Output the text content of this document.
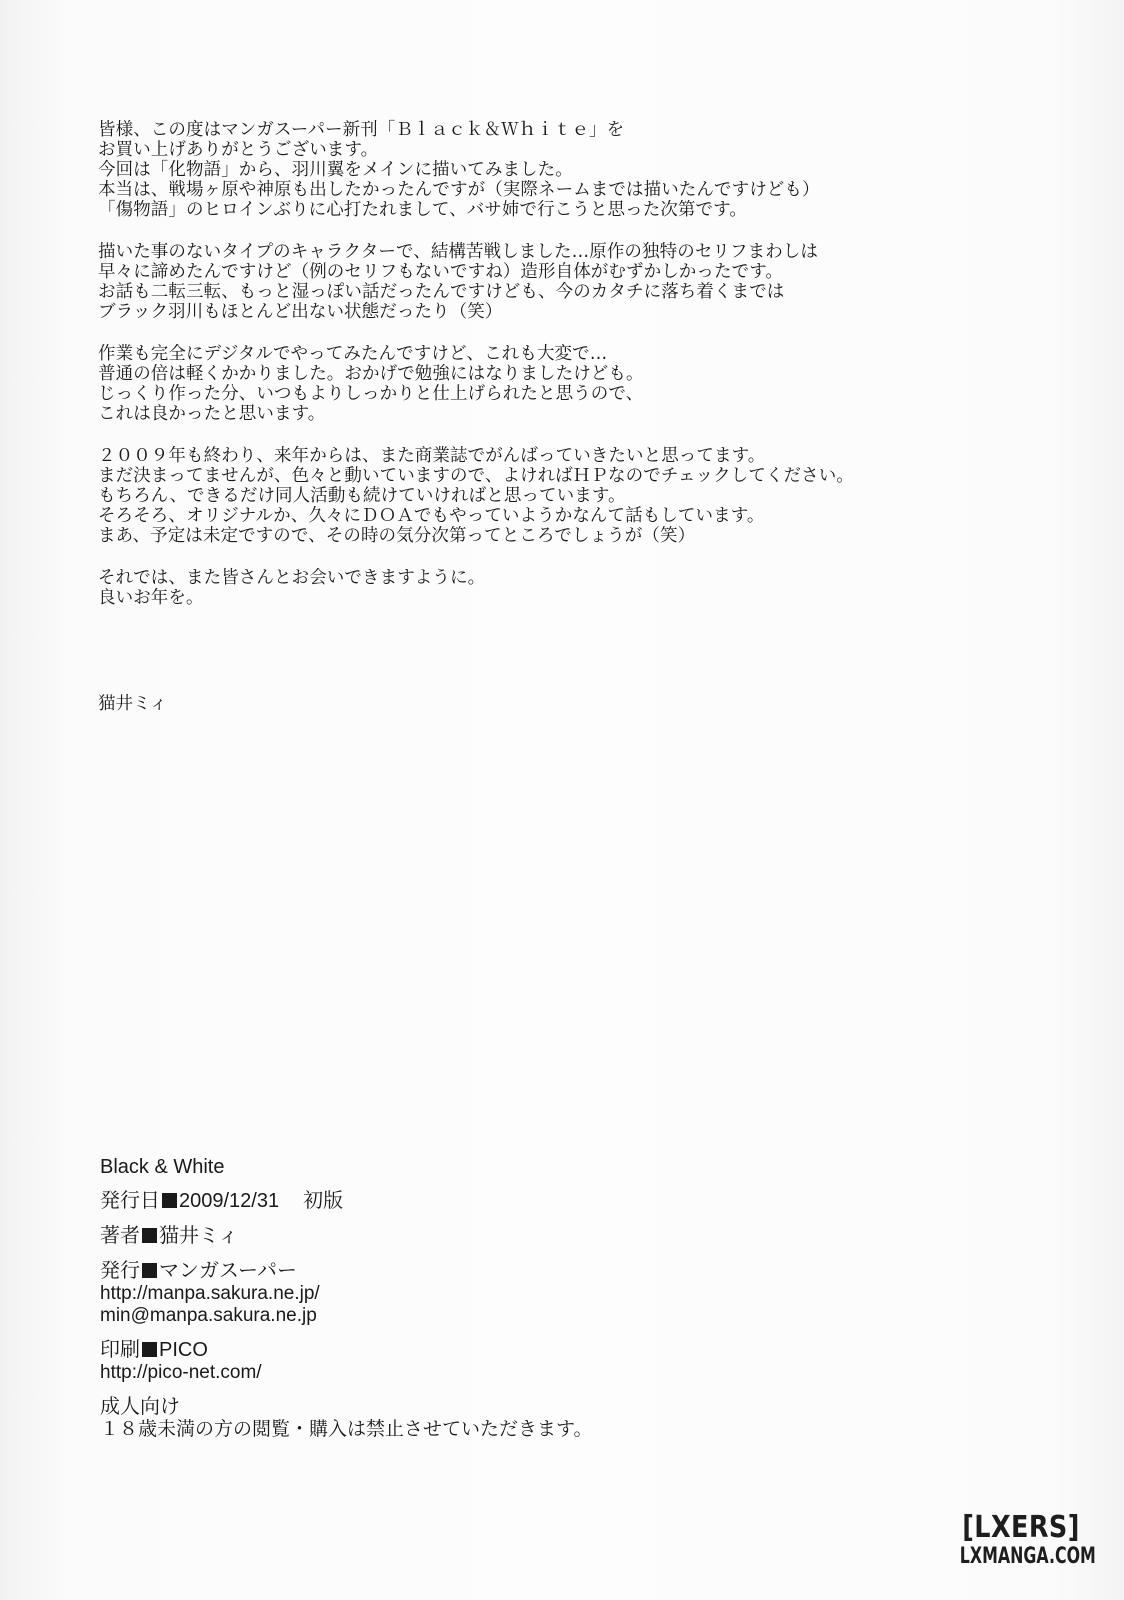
皆様、この度はマンガスーパー新刊「Ｂｌａｃｋ＆Ｗｈｉｔｅ」を
お買い上げありがとうございます。
今回は「化物語」から、羽川翼をメインに描いてみました。
本当は、戦場ヶ原や神原も出したかったんですが（実際ネームまでは描いたんですけども）
「傷物語」のヒロインぶりに心打たれまして、バサ姉で行こうと思った次第です。
描いた事のないタイプのキャラクターで、結構苦戦しました…原作の独特のセリフまわしは
早々に諦めたんですけど（例のセリフもないですね）造形自体がむずかしかったです。
お話も二転三転、もっと湿っぽい話だったんですけども、今のカタチに落ち着くまでは
ブラック羽川もほとんど出ない状態だったり（笑）
作業も完全にデジタルでやってみたんですけど、これも大変で…
普通の倍は軽くかかりました。おかげで勉強にはなりましたけども。
じっくり作った分、いつもよりしっかりと仕上げられたと思うので、
これは良かったと思います。
２００９年も終わり、来年からは、また商業誌でがんばっていきたいと思ってます。
まだ決まってませんが、色々と動いていますので、よければＨＰなのでチェックしてください。
もちろん、できるだけ同人活動も続けていければと思っています。
そろそろ、オリジナルか、久々にＤＯＡでもやっていようかなんて話もしています。
まあ、予定は未定ですので、その時の気分次第ってところでしょうが（笑）
それでは、また皆さんとお会いできますように。
良いお年を。
猫井ミィ
Black & White
発行日 2009/12/31 初版
著者 猫井ミィ
発行 マンガスーパー
http://manpa.sakura.ne.jp/
min@manpa.sakura.ne.jp
印刷 PICO
http://pico-net.com/
成人向け
１８歳未満の方の閲覧・購入は禁止させていただきます。
[LXERS]
LXMANGA.COM
